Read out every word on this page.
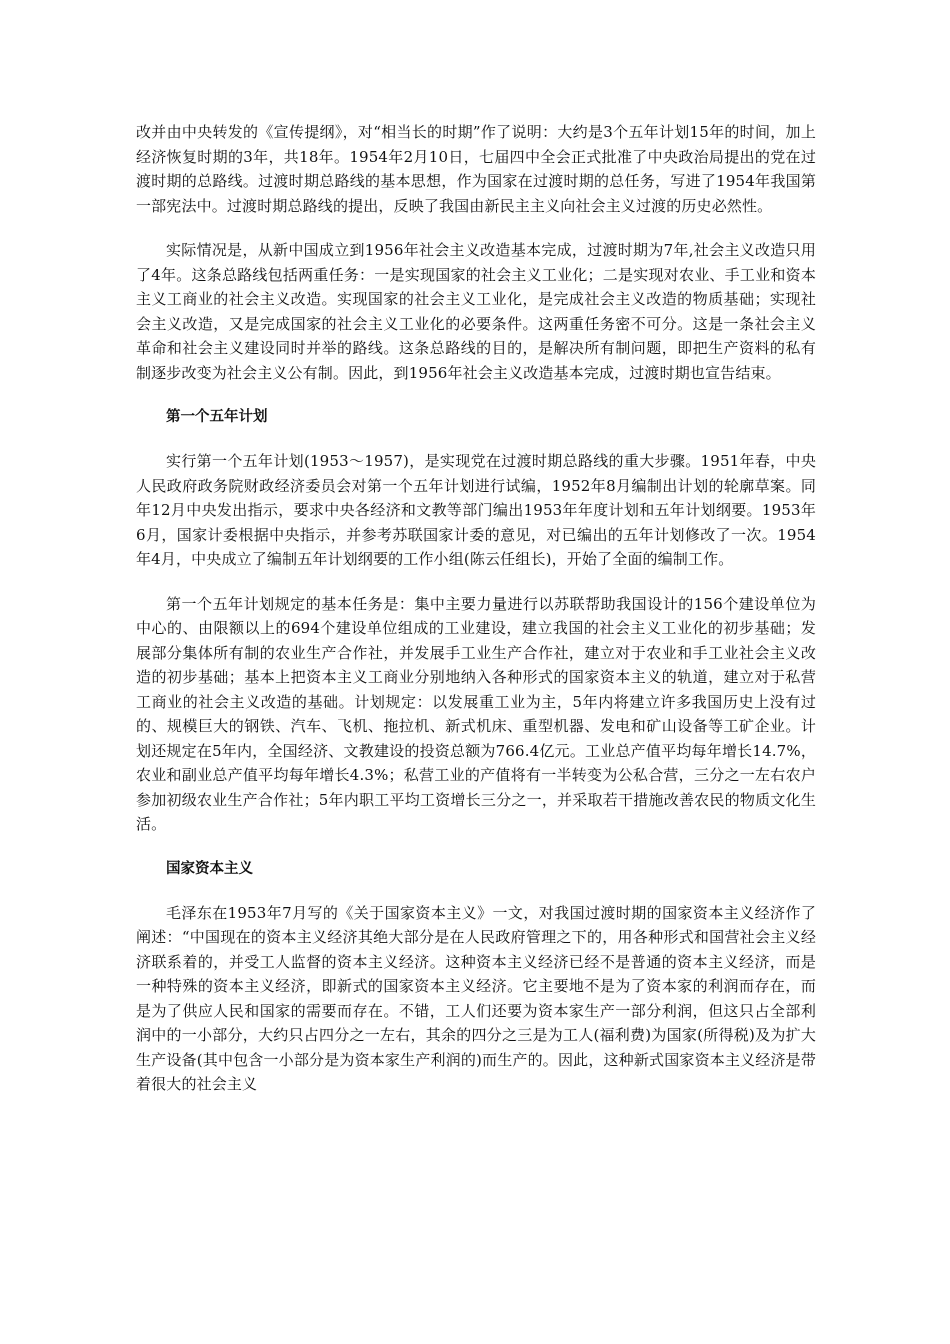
改并由中央转发的《宣传提纲》，对“相当长的时期”作了说明：大约是3个五年计划15年的时间，加上经济恢复时期的3年，共18年。1954年2月10日，七届四中全会正式批准了中央政治局提出的党在过渡时期的总路线。过渡时期总路线的基本思想，作为国家在过渡时期的总任务，写进了1954年我国第一部宪法中。过渡时期总路线的提出，反映了我国由新民主主义向社会主义过渡的历史必然性。

实际情况是，从新中国成立到1956年社会主义改造基本完成，过渡时期为7年,社会主义改造只用了4年。这条总路线包括两重任务：一是实现国家的社会主义工业化；二是实现对农业、手工业和资本主义工商业的社会主义改造。实现国家的社会主义工业化，是完成社会主义改造的物质基础；实现社会主义改造，又是完成国家的社会主义工业化的必要条件。这两重任务密不可分。这是一条社会主义革命和社会主义建设同时并举的路线。这条总路线的目的，是解决所有制问题，即把生产资料的私有制逐步改变为社会主义公有制。因此，到1956年社会主义改造基本完成，过渡时期也宣告结束。

第一个五年计划

实行第一个五年计划(1953～1957)，是实现党在过渡时期总路线的重大步骤。1951年春，中央人民政府政务院财政经济委员会对第一个五年计划进行试编，1952年8月编制出计划的轮廓草案。同年12月中央发出指示，要求中央各经济和文教等部门编出1953年年度计划和五年计划纲要。1953年6月，国家计委根据中央指示，并参考苏联国家计委的意见，对已编出的五年计划修改了一次。1954年4月，中央成立了编制五年计划纲要的工作小组(陈云任组长)，开始了全面的编制工作。

第一个五年计划规定的基本任务是：集中主要力量进行以苏联帮助我国设计的156个建设单位为中心的、由限额以上的694个建设单位组成的工业建设，建立我国的社会主义工业化的初步基础；发展部分集体所有制的农业生产合作社，并发展手工业生产合作社，建立对于农业和手工业社会主义改造的初步基础；基本上把资本主义工商业分别地纳入各种形式的国家资本主义的轨道，建立对于私营工商业的社会主义改造的基础。计划规定：以发展重工业为主，5年内将建立许多我国历史上没有过的、规模巨大的钢铁、汽车、飞机、拖拉机、新式机床、重型机器、发电和矿山设备等工矿企业。计划还规定在5年内，全国经济、文教建设的投资总额为766.4亿元。工业总产值平均每年增长14.7%，农业和副业总产值平均每年增长4.3%；私营工业的产值将有一半转变为公私合营，三分之一左右农户参加初级农业生产合作社；5年内职工平均工资增长三分之一，并采取若干措施改善农民的物质文化生活。

国家资本主义

毛泽东在1953年7月写的《关于国家资本主义》一文，对我国过渡时期的国家资本主义经济作了阐述：“中国现在的资本主义经济其绝大部分是在人民政府管理之下的，用各种形式和国营社会主义经济联系着的，并受工人监督的资本主义经济。这种资本主义经济已经不是普通的资本主义经济，而是一种特殊的资本主义经济，即新式的国家资本主义经济。它主要地不是为了资本家的利润而存在，而是为了供应人民和国家的需要而存在。不错，工人们还要为资本家生产一部分利润，但这只占全部利润中的一小部分，大约只占四分之一左右，其余的四分之三是为工人(福利费)为国家(所得税)及为扩大生产设备(其中包含一小部分是为资本家生产利润的)而生产的。因此，这种新式国家资本主义经济是带着很大的社会主义
